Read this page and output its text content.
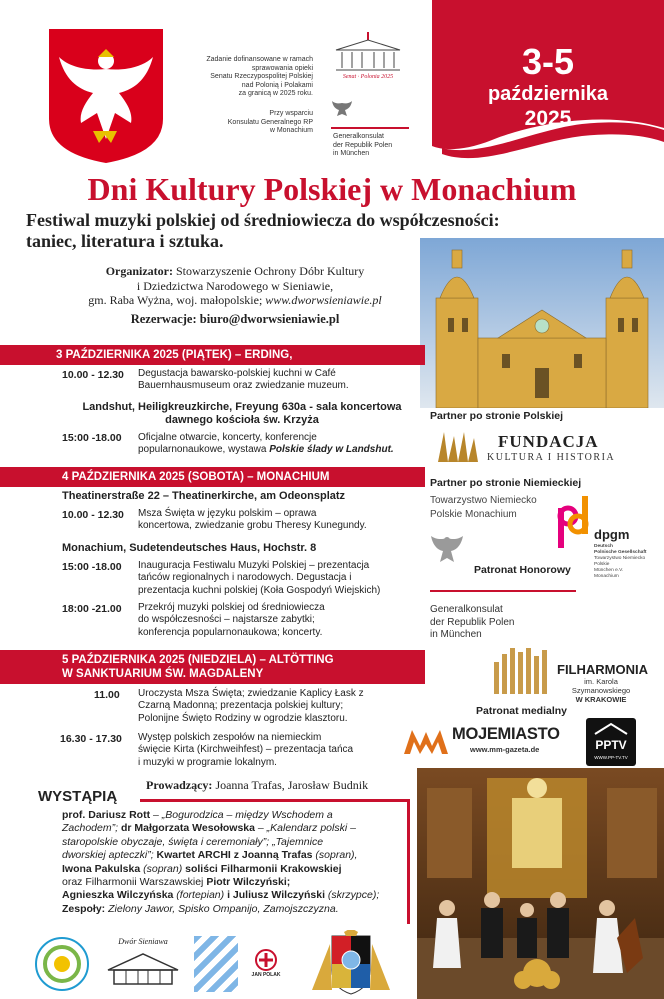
Zadanie dofinansowane w ramach
sprawowania opieki
Senatu Rzeczypospolitej Polskiej
nad Polonią i Polakami
za granicą w 2025 roku.
Przy wsparciu
Konsulatu Generalnego RP
w Monachium
Senat · Polonia 2025
Generalkonsulat
der Republik Polen
in München
3-5
października
2025
Dni Kultury Polskiej w Monachium
Festiwal muzyki polskiej od średniowiecza do współczesności:
taniec, literatura i sztuka.
Organizator: Stowarzyszenie Ochrony Dóbr Kultury
i Dziedzictwa Narodowego w Sieniawie,
gm. Raba Wyżna, woj. małopolskie; www.dworwsieniawie.pl
Rezerwacje: biuro@dworwsieniawie.pl
3 PAŹDZIERNIKA 2025 (PIĄTEK) – ERDING,
10.00 - 12.30 Degustacja bawarsko-polskiej kuchni w Café
Bauernhausmuseum oraz zwiedzanie muzeum.
Landshut, Heiligkreuzkirche, Freyung 630a - sala koncertowa
dawnego kościoła św. Krzyża
15:00 -18.00 Oficjalne otwarcie, koncerty, konferencje
popularnonaukowe, wystawa Polskie ślady w Landshut.
4 PAŹDZIERNIKA 2025 (SOBOTA) – MONACHIUM
Theatinerstraße 22 – Theatinerkirche, am Odeonsplatz
10.00 - 12.30 Msza Święta w języku polskim – oprawa
koncertowa, zwiedzanie grobu Theresy Kunegundy.
Monachium, Sudetendeutsches Haus, Hochstr. 8
15:00 -18.00 Inauguracja Festiwalu Muzyki Polskiej – prezentacja
tańców regionalnych i narodowych. Degustacja i
prezentacja kuchni polskiej (Koła Gospodyń Wiejskich)
18:00 -21.00 Przekrój muzyki polskiej od średniowiecza
do współczesności – najstarsze zabytki;
konferencja popularnonaukowa; koncerty.
5 PAŹDZIERNIKA 2025 (NIEDZIELA) – ALTÖTTING
W SANKTUARIUM ŚW. MAGDALENY
11.00 Uroczysta Msza Święta; zwiedzanie Kaplicy Łask z
Czarną Madonną; prezentacja polskiej kultury;
Polonijne Święto Rodziny w ogrodzie klasztoru.
16.30 - 17.30 Występ polskich zespołów na niemieckim
święcie Kirta (Kirchweihfest) – prezentacja tańca
i muzyki w programie lokalnym.
Prowadzący: Joanna Trafas, Jarosław Budnik
WYSTĄPIĄ
prof. Dariusz Rott – „Bogurodzica – między Wschodem a
Zachodem”; dr Małgorzata Wesołowska – „Kalendarz polski –
staropolskie obyczaje, święta i ceremoniały”; „Tajemnice
dworskiej apteczki”; Kwartet ARCHI z Joanną Trafas (sopran),
Iwona Pakulska (sopran) soliści Filharmonii Krakowskiej
oraz Filharmonii Warszawskiej Piotr Wilczyński;
Agnieszka Wilczyńska (fortepian) i Juliusz Wilczyński (skrzypce);
Zespoły: Zielony Jawor, Spisko Ompanijo, Zamojszczyzna.
Partner po stronie Polskiej
FUNDACJA
KULTURA I HISTORIA
Partner po stronie Niemieckiej
Towarzystwo Niemiecko
Polskie Monachium
dpgm
Deutsch
Polnische Gesellschaft
Towarzystwo Niemiecko
Polskie
München e.V.
Monachium
Patronat Honorowy
Generalkonsulat
der Republik Polen
in München
FILHARMONIA
im. Karola Szymanowskiego
W KRAKOWIE
Patronat medialny
MOJEMIASTO
www.mm-gazeta.de	PPTV
WWW.PP-TV.TV
Dwór Sieniawa
JAN POLAK
